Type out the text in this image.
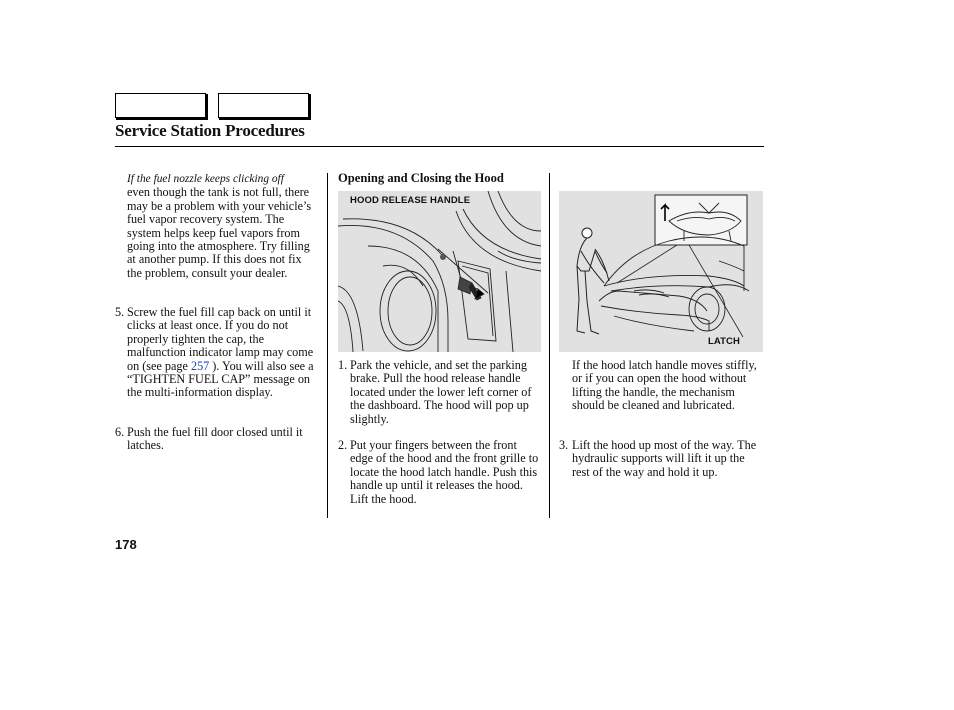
Service Station Procedures
If the fuel nozzle keeps clicking off
even though the tank is not full, there may be a problem with your vehicle’s fuel vapor recovery system. The system helps keep fuel vapors from going into the atmosphere. Try filling at another pump. If this does not fix the problem, consult your dealer.
5. Screw the fuel fill cap back on until it clicks at least once. If you do not properly tighten the cap, the malfunction indicator lamp may come on (see page 257 ). You will also see a “TIGHTEN FUEL CAP” message on the multi-information display.
6. Push the fuel fill door closed until it latches.
Opening and Closing the Hood
HOOD RELEASE HANDLE
1. Park the vehicle, and set the parking brake. Pull the hood release handle located under the lower left corner of the dashboard. The hood will pop up slightly.
2. Put your fingers between the front edge of the hood and the front grille to locate the hood latch handle. Push this handle up until it releases the hood. Lift the hood.
LATCH
If the hood latch handle moves stiffly, or if you can open the hood without lifting the handle, the mechanism should be cleaned and lubricated.
3. Lift the hood up most of the way. The hydraulic supports will lift it up the rest of the way and hold it up.
178
